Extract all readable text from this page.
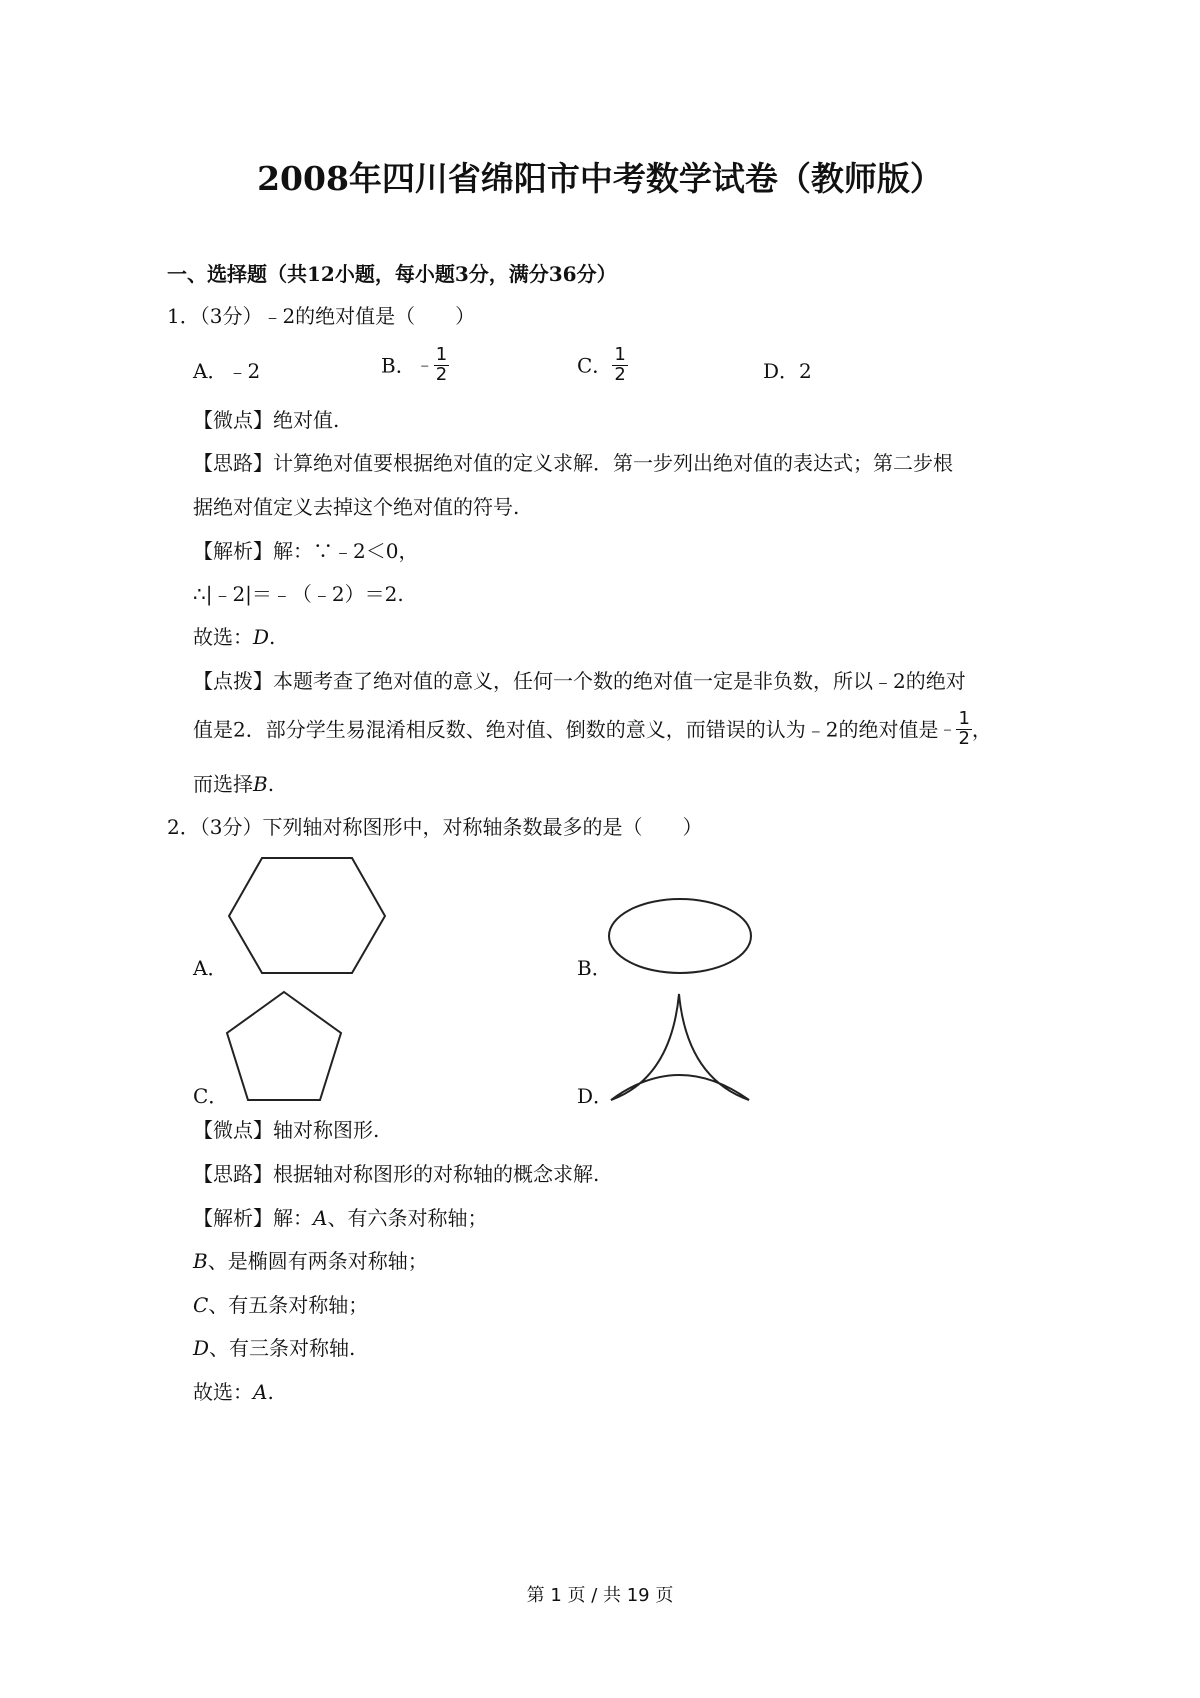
2008年四川省绵阳市中考数学试卷（教师版）
一、选择题（共12小题，每小题3分，满分36分）
1．（3分）﹣2的绝对值是（　　）
A．﹣2	B．﹣ $\frac{1}{2}$	C． $\frac{1}{2}$	D．2
【微点】绝对值.
【思路】计算绝对值要根据绝对值的定义求解．第一步列出绝对值的表达式；第二步根
据绝对值定义去掉这个绝对值的符号.
【解析】解：∵﹣2＜0，
∴|﹣2|＝﹣（﹣2）＝2.
故选：D.
【点拨】本题考查了绝对值的意义，任何一个数的绝对值一定是非负数，所以﹣2的绝对
值是2．部分学生易混淆相反数、绝对值、倒数的意义，而错误的认为﹣2的绝对值是﹣ $\frac{1}{2}$ ，
而选择B.
2．（3分）下列轴对称图形中，对称轴条数最多的是（　　）
A．	B．
C．	D．
【微点】轴对称图形.
【思路】根据轴对称图形的对称轴的概念求解.
【解析】解：A、有六条对称轴；
B、是椭圆有两条对称轴；
C、有五条对称轴；
D、有三条对称轴.
故选：A.
第 1 页 / 共 19 页
